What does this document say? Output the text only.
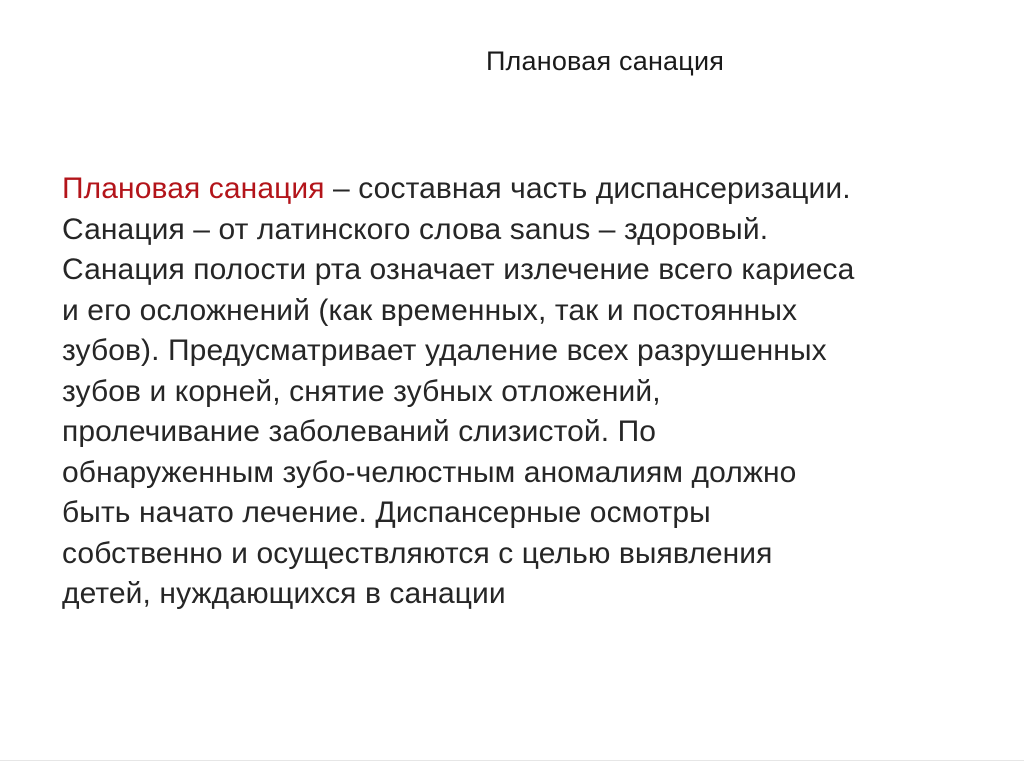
Плановая санация
Плановая санация – составная часть диспансеризации.
Санация – от латинского слова sanus – здоровый.
Санация полости рта означает излечение всего кариеса
и его осложнений (как временных, так и постоянных
зубов). Предусматривает удаление всех разрушенных
зубов и корней, снятие зубных отложений,
пролечивание заболеваний слизистой. По
обнаруженным зубо-челюстным аномалиям должно
быть начато лечение. Диспансерные осмотры
собственно и осуществляются с целью выявления
детей, нуждающихся в санации
